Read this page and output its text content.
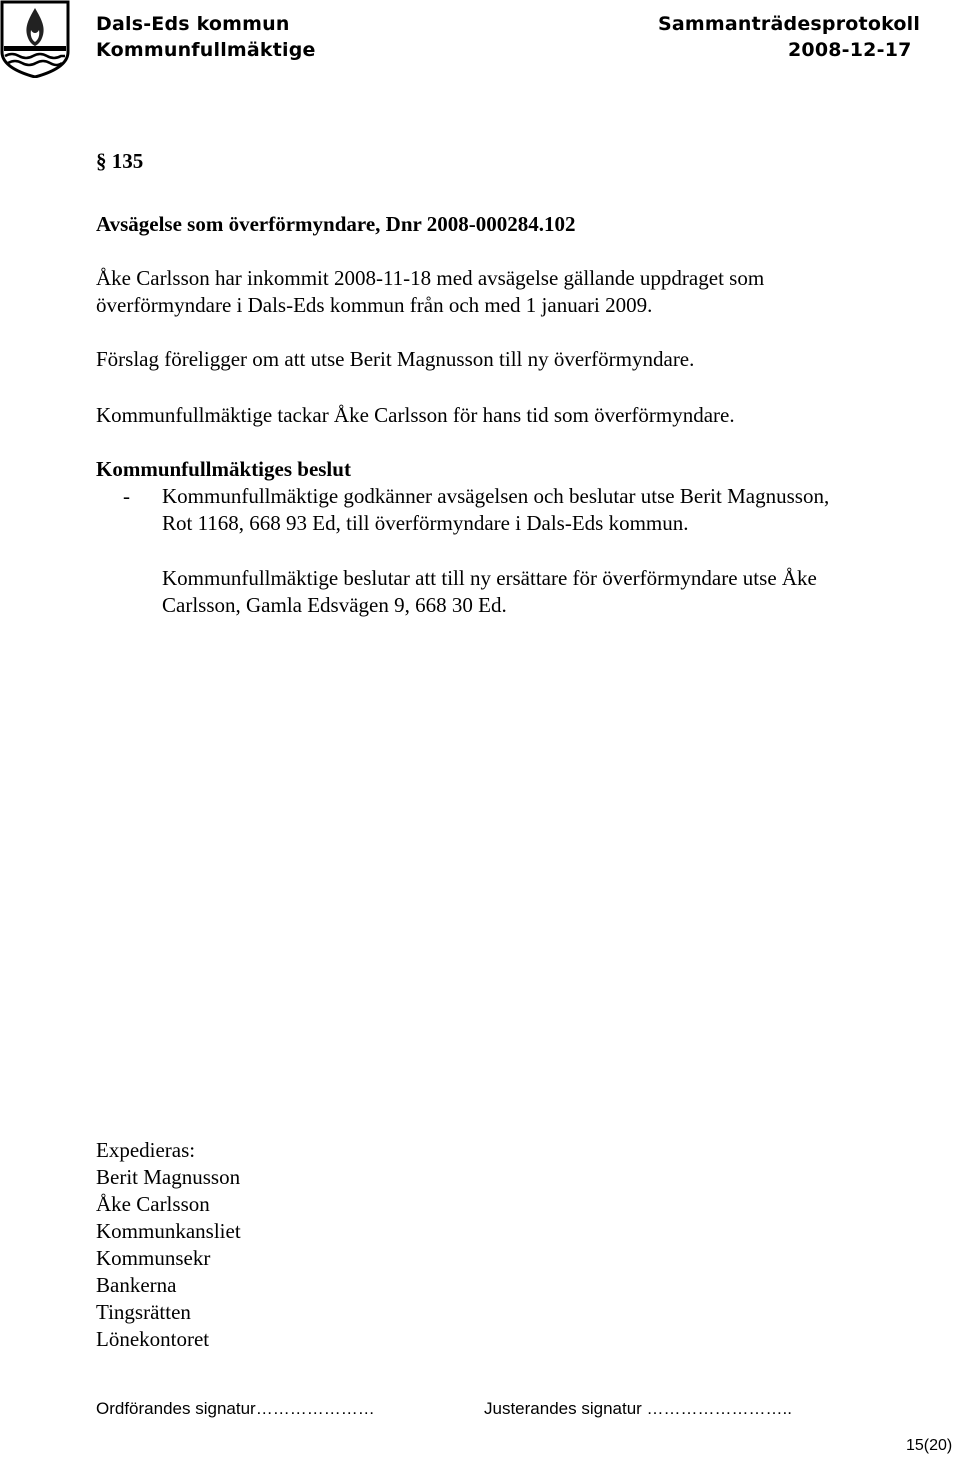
Dals-Eds kommun
Kommunfullmäktige
Sammanträdesprotokoll
2008-12-17
§ 135
Avsägelse som överförmyndare, Dnr 2008-000284.102
Åke Carlsson har inkommit 2008-11-18 med avsägelse gällande uppdraget som
överförmyndare i Dals-Eds kommun från och med 1 januari 2009.
Förslag föreligger om att utse Berit Magnusson till ny överförmyndare.
Kommunfullmäktige tackar Åke Carlsson för hans tid som överförmyndare.
Kommunfullmäktiges beslut
- Kommunfullmäktige godkänner avsägelsen och beslutar utse Berit Magnusson,
Rot 1168, 668 93 Ed, till överförmyndare i Dals-Eds kommun.
Kommunfullmäktige beslutar att till ny ersättare för överförmyndare utse Åke
Carlsson, Gamla Edsvägen 9, 668 30 Ed.
Expedieras:
Berit Magnusson
Åke Carlsson
Kommunkansliet
Kommunsekr
Bankerna
Tingsrätten
Lönekontoret
Ordförandes signatur…………………	Justerandes signatur ……………………..
15(20)
